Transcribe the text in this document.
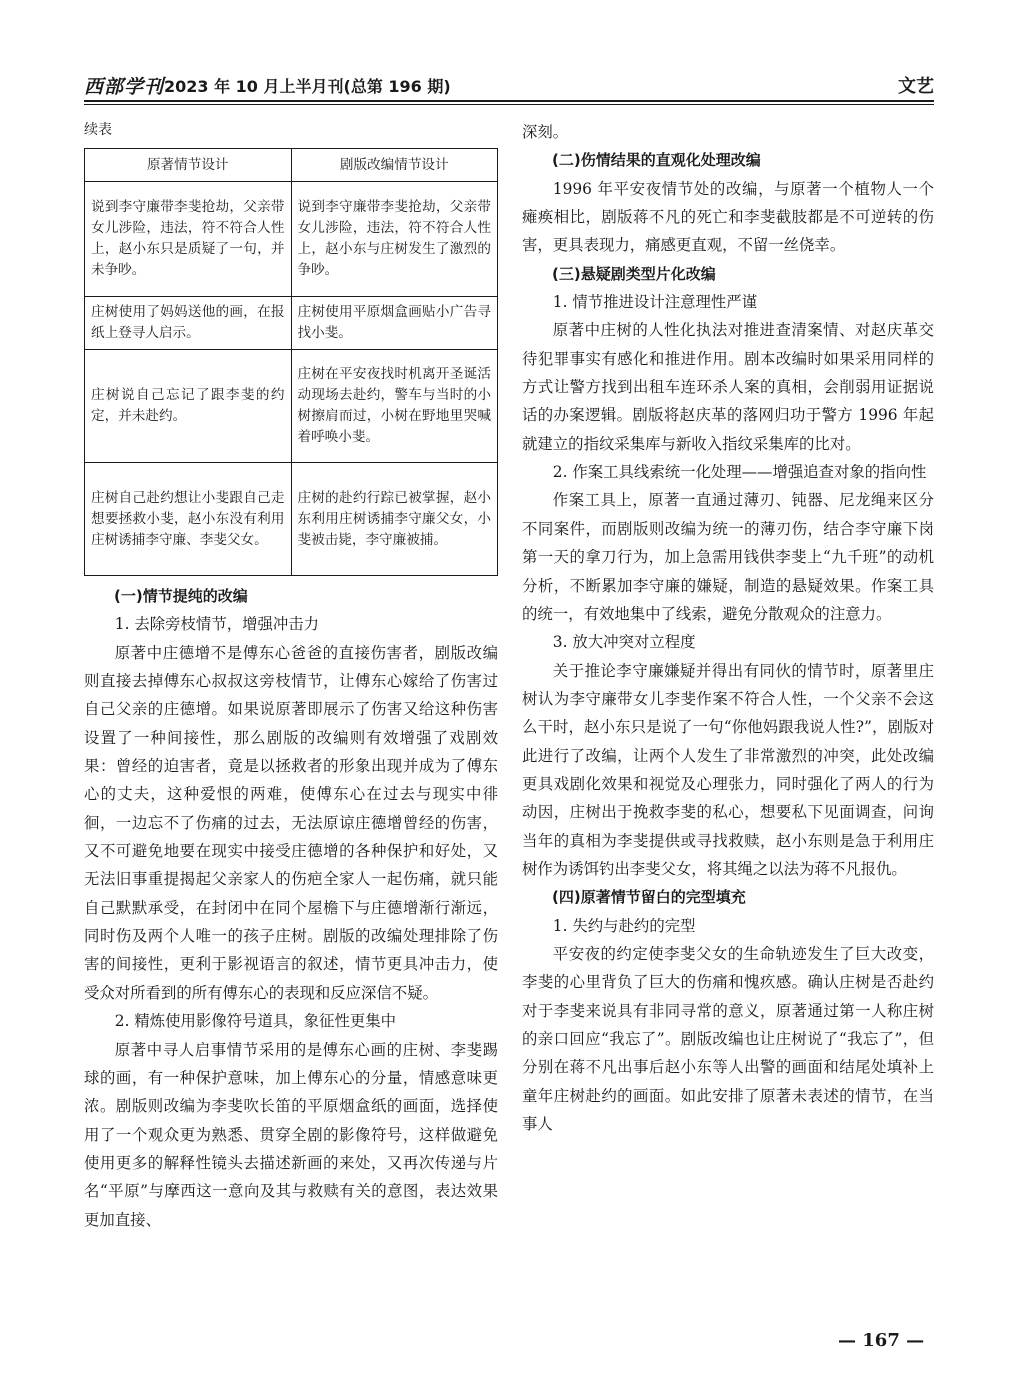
西部学刊 2023 年 10 月上半月刊(总第 196 期)	文艺
续表
原著情节设计	剧版改编情节设计
说到李守廉带李斐抢劫，父亲带女儿涉险，违法，符不符合人性上，赵小东只是质疑了一句，并未争吵。	说到李守廉带李斐抢劫，父亲带女儿涉险，违法，符不符合人性上，赵小东与庄树发生了激烈的争吵。
庄树使用了妈妈送他的画，在报纸上登寻人启示。	庄树使用平原烟盒画贴小广告寻找小斐。
庄树说自己忘记了跟李斐的约定，并未赴约。	庄树在平安夜找时机离开圣诞活动现场去赴约，警车与当时的小树擦肩而过，小树在野地里哭喊着呼唤小斐。
庄树自己赴约想让小斐跟自己走想要拯救小斐，赵小东没有利用庄树诱捕李守廉、李斐父女。	庄树的赴约行踪已被掌握，赵小东利用庄树诱捕李守廉父女，小斐被击毙，李守廉被捕。

(一)情节提纯的改编

1. 去除旁枝情节，增强冲击力

原著中庄德增不是傅东心爸爸的直接伤害者，剧版改编则直接去掉傅东心叔叔这旁枝情节，让傅东心嫁给了伤害过自己父亲的庄德增。如果说原著即展示了伤害又给这种伤害设置了一种间接性，那么剧版的改编则有效增强了戏剧效果：曾经的迫害者，竟是以拯救者的形象出现并成为了傅东心的丈夫，这种爱恨的两难，使傅东心在过去与现实中徘徊，一边忘不了伤痛的过去，无法原谅庄德增曾经的伤害，又不可避免地要在现实中接受庄德增的各种保护和好处，又无法旧事重提揭起父亲家人的伤疤全家人一起伤痛，就只能自己默默承受，在封闭中在同个屋檐下与庄德增渐行渐远，同时伤及两个人唯一的孩子庄树。剧版的改编处理排除了伤害的间接性，更利于影视语言的叙述，情节更具冲击力，使受众对所看到的所有傅东心的表现和反应深信不疑。

2. 精炼使用影像符号道具，象征性更集中

原著中寻人启事情节采用的是傅东心画的庄树、李斐踢球的画，有一种保护意味，加上傅东心的分量，情感意味更浓。剧版则改编为李斐吹长笛的平原烟盒纸的画面，选择使用了一个观众更为熟悉、贯穿全剧的影像符号，这样做避免使用更多的解释性镜头去描述新画的来处，又再次传递与片名“平原”与摩西这一意向及其与救赎有关的意图，表达效果更加直接、

深刻。

(二)伤情结果的直观化处理改编

1996 年平安夜情节处的改编，与原著一个植物人一个瘫痪相比，剧版蒋不凡的死亡和李斐截肢都是不可逆转的伤害，更具表现力，痛感更直观，不留一丝侥幸。

(三)悬疑剧类型片化改编

1. 情节推进设计注意理性严谨

原著中庄树的人性化执法对推进查清案情、对赵庆革交待犯罪事实有感化和推进作用。剧本改编时如果采用同样的方式让警方找到出租车连环杀人案的真相，会削弱用证据说话的办案逻辑。剧版将赵庆革的落网归功于警方 1996 年起就建立的指纹采集库与新收入指纹采集库的比对。

2. 作案工具线索统一化处理——增强追查对象的指向性

作案工具上，原著一直通过薄刃、钝器、尼龙绳来区分不同案件，而剧版则改编为统一的薄刃伤，结合李守廉下岗第一天的拿刀行为，加上急需用钱供李斐上“九千班”的动机分析，不断累加李守廉的嫌疑，制造的悬疑效果。作案工具的统一，有效地集中了线索，避免分散观众的注意力。

3. 放大冲突对立程度

关于推论李守廉嫌疑并得出有同伙的情节时，原著里庄树认为李守廉带女儿李斐作案不符合人性，一个父亲不会这么干时，赵小东只是说了一句“你他妈跟我说人性?”，剧版对此进行了改编，让两个人发生了非常激烈的冲突，此处改编更具戏剧化效果和视觉及心理张力，同时强化了两人的行为动因，庄树出于挽救李斐的私心，想要私下见面调查，问询当年的真相为李斐提供或寻找救赎，赵小东则是急于利用庄树作为诱饵钓出李斐父女，将其绳之以法为蒋不凡报仇。

(四)原著情节留白的完型填充

1. 失约与赴约的完型

平安夜的约定使李斐父女的生命轨迹发生了巨大改变，李斐的心里背负了巨大的伤痛和愧疚感。确认庄树是否赴约对于李斐来说具有非同寻常的意义，原著通过第一人称庄树的亲口回应“我忘了”。剧版改编也让庄树说了“我忘了”，但分别在蒋不凡出事后赵小东等人出警的画面和结尾处填补上童年庄树赴约的画面。如此安排了原著未表述的情节，在当事人

— 167 —
